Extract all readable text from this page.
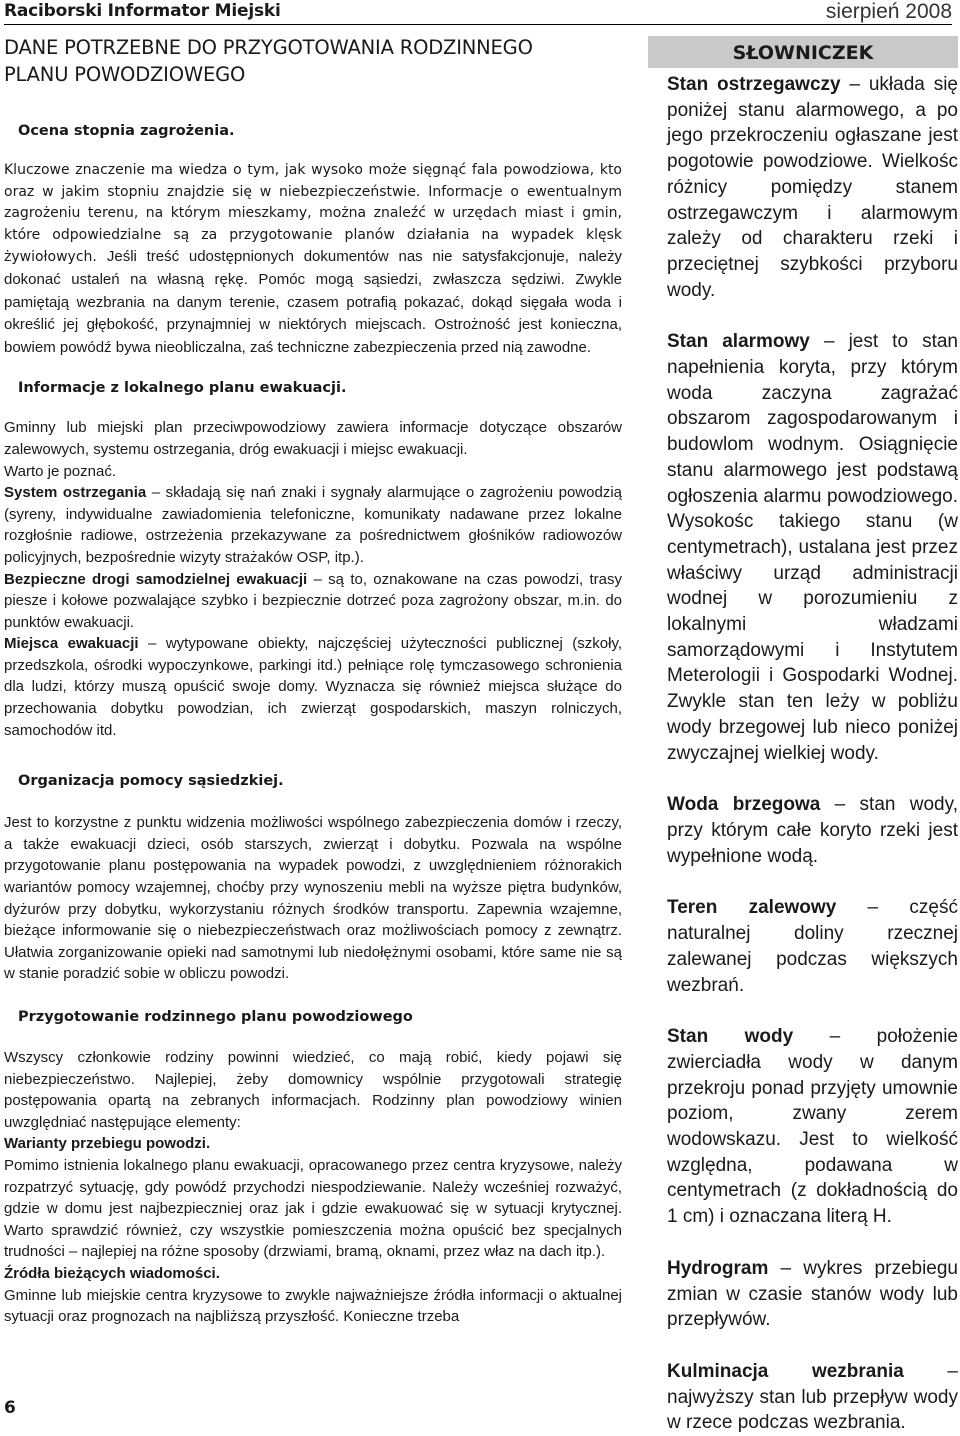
Raciborski Informator Miejski	sierpień 2008
DANE POTRZEBNE DO PRZYGOTOWANIA RODZINNEGO
PLANU POWODZIOWEGO

Ocena stopnia zagrożenia.

Kluczowe znaczenie ma wiedza o tym, jak wysoko może sięgnąć fala powodziowa, kto oraz w jakim stopniu znajdzie się w niebezpieczeństwie. Informacje o ewentualnym zagrożeniu terenu, na którym mieszkamy, można znaleźć w urzędach miast i gmin, które odpowiedzialne są za przygotowanie planów działania na wypadek klęsk żywiołowych. Jeśli treść udostępnionych dokumentów nas nie satysfakcjonuje, należy dokonać ustaleń na własną rękę. Pomóc mogą sąsiedzi, zwłaszcza sędziwi. Zwykle pamiętają wezbrania na danym terenie, czasem potrafią pokazać, dokąd sięgała woda i określić jej głębokość, przynajmniej w niektórych miejscach. Ostrożność jest konieczna, bowiem powódź bywa nieobliczalna, zaś techniczne zabezpieczenia przed nią zawodne.

Informacje z lokalnego planu ewakuacji.

Gminny lub miejski plan przeciwpowodziowy zawiera informacje dotyczące obszarów zalewowych, systemu ostrzegania, dróg ewakuacji i miejsc ewakuacji.

Warto je poznać.

System ostrzegania – składają się nań znaki i sygnały alarmujące o zagrożeniu powodzią (syreny, indywidualne zawiadomienia telefoniczne, komunikaty nadawane przez lokalne rozgłośnie radiowe, ostrzeżenia przekazywane za pośrednictwem głośników radiowozów policyjnych, bezpośrednie wizyty strażaków OSP, itp.).

Bezpieczne drogi samodzielnej ewakuacji – są to, oznakowane na czas powodzi, trasy piesze i kołowe pozwalające szybko i bezpiecznie dotrzeć poza zagrożony obszar, m.in. do punktów ewakuacji.

Miejsca ewakuacji – wytypowane obiekty, najczęściej użyteczności publicznej (szkoły, przedszkola, ośrodki wypoczynkowe, parkingi itd.) pełniące rolę tymczasowego schronienia dla ludzi, którzy muszą opuścić swoje domy. Wyznacza się również miejsca służące do przechowania dobytku powodzian, ich zwierząt gospodarskich, maszyn rolniczych, samochodów itd.

Organizacja pomocy sąsiedzkiej.

Jest to korzystne z punktu widzenia możliwości wspólnego zabezpieczenia domów i rzeczy, a także ewakuacji dzieci, osób starszych, zwierząt i dobytku. Pozwala na wspólne przygotowanie planu postępowania na wypadek powodzi, z uwzględnieniem różnorakich wariantów pomocy wzajemnej, choćby przy wynoszeniu mebli na wyższe piętra budynków, dyżurów przy dobytku, wykorzystaniu różnych środków transportu. Zapewnia wzajemne, bieżące informowanie się o niebezpieczeństwach oraz możliwościach pomocy z zewnątrz. Ułatwia zorganizowanie opieki nad samotnymi lub niedołężnymi osobami, które same nie są w stanie poradzić sobie w obliczu powodzi.

Przygotowanie rodzinnego planu powodziowego

Wszyscy członkowie rodziny powinni wiedzieć, co mają robić, kiedy pojawi się niebezpieczeństwo. Najlepiej, żeby domownicy wspólnie przygotowali strategię postępowania opartą na zebranych informacjach. Rodzinny plan powodziowy winien uwzględniać następujące elementy:

Warianty przebiegu powodzi.

Pomimo istnienia lokalnego planu ewakuacji, opracowanego przez centra kryzysowe, należy rozpatrzyć sytuację, gdy powódź przychodzi niespodziewanie. Należy wcześniej rozważyć, gdzie w domu jest najbezpieczniej oraz jak i gdzie ewakuować się w sytuacji krytycznej. Warto sprawdzić również, czy wszystkie pomieszczenia można opuścić bez specjalnych trudności – najlepiej na różne sposoby (drzwiami, bramą, oknami, przez właz na dach itp.).

Źródła bieżących wiadomości.

Gminne lub miejskie centra kryzysowe to zwykle najważniejsze źródła informacji o aktualnej sytuacji oraz prognozach na najbliższą przyszłość. Konieczne trzeba

SŁOWNICZEK

Stan ostrzegawczy – układa się poniżej stanu alarmowego, a po jego przekroczeniu ogłaszane jest pogotowie powodziowe. Wielkośc różnicy pomiędzy stanem ostrzegawczym i alarmowym zależy od charakteru rzeki i przeciętnej szybkości przyboru wody.

Stan alarmowy – jest to stan napełnienia koryta, przy którym woda zaczyna zagrażać obszarom zagospodarowanym i budowlom wodnym. Osiągnięcie stanu alarmowego jest podstawą ogłoszenia alarmu powodziowego. Wysokośc takiego stanu (w centymetrach), ustalana jest przez właściwy urząd administracji wodnej w porozumieniu z lokalnymi władzami samorządowymi i Instytutem Meterologii i Gospodarki Wodnej. Zwykle stan ten leży w pobliżu wody brzegowej lub nieco poniżej zwyczajnej wielkiej wody.

Woda brzegowa – stan wody, przy którym całe koryto rzeki jest wypełnione wodą.

Teren zalewowy – część naturalnej doliny rzecznej zalewanej podczas większych wezbrań.

Stan wody – położenie zwierciadła wody w danym przekroju ponad przyjęty umownie poziom, zwany zerem wodowskazu. Jest to wielkość względna, podawana w centymetrach (z dokładnością do 1 cm) i oznaczana literą H.

Hydrogram – wykres przebiegu zmian w czasie stanów wody lub przepływów.

Kulminacja wezbrania – najwyższy stan lub przepływ wody w rzece podczas wezbrania.

6
